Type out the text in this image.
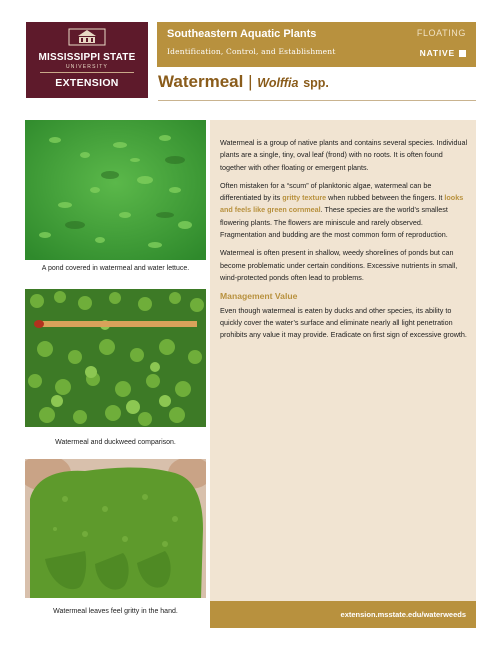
MISSISSIPPI STATE
UNIVERSITY
EXTENSION
Southeastern Aquatic Plants
Identification, Control, and Establishment
FLOATING
NATIVE
Watermeal | Wolffia spp.
A pond covered in watermeal and water lettuce.
Watermeal and duckweed comparison.
Watermeal leaves feel gritty in the hand.

Watermeal is a group of native plants and contains several species. Individual plants are a single, tiny, oval leaf (frond) with no roots. It is often found together with other floating or emergent plants.

Often mistaken for a “scum” of planktonic algae, watermeal can be differentiated by its gritty texture when rubbed between the fingers. It looks and feels like green cornmeal. These species are the world’s smallest flowering plants. The flowers are miniscule and rarely observed. Fragmentation and budding are the most common form of reproduction.

Watermeal is often present in shallow, weedy shorelines of ponds but can become problematic under certain conditions. Excessive nutrients in small, wind-protected ponds often lead to problems.

Management Value

Even though watermeal is eaten by ducks and other species, its ability to quickly cover the water’s surface and eliminate nearly all light penetration prohibits any value it may provide. Eradicate on first sign of excessive growth.

extension.msstate.edu/waterweeds
